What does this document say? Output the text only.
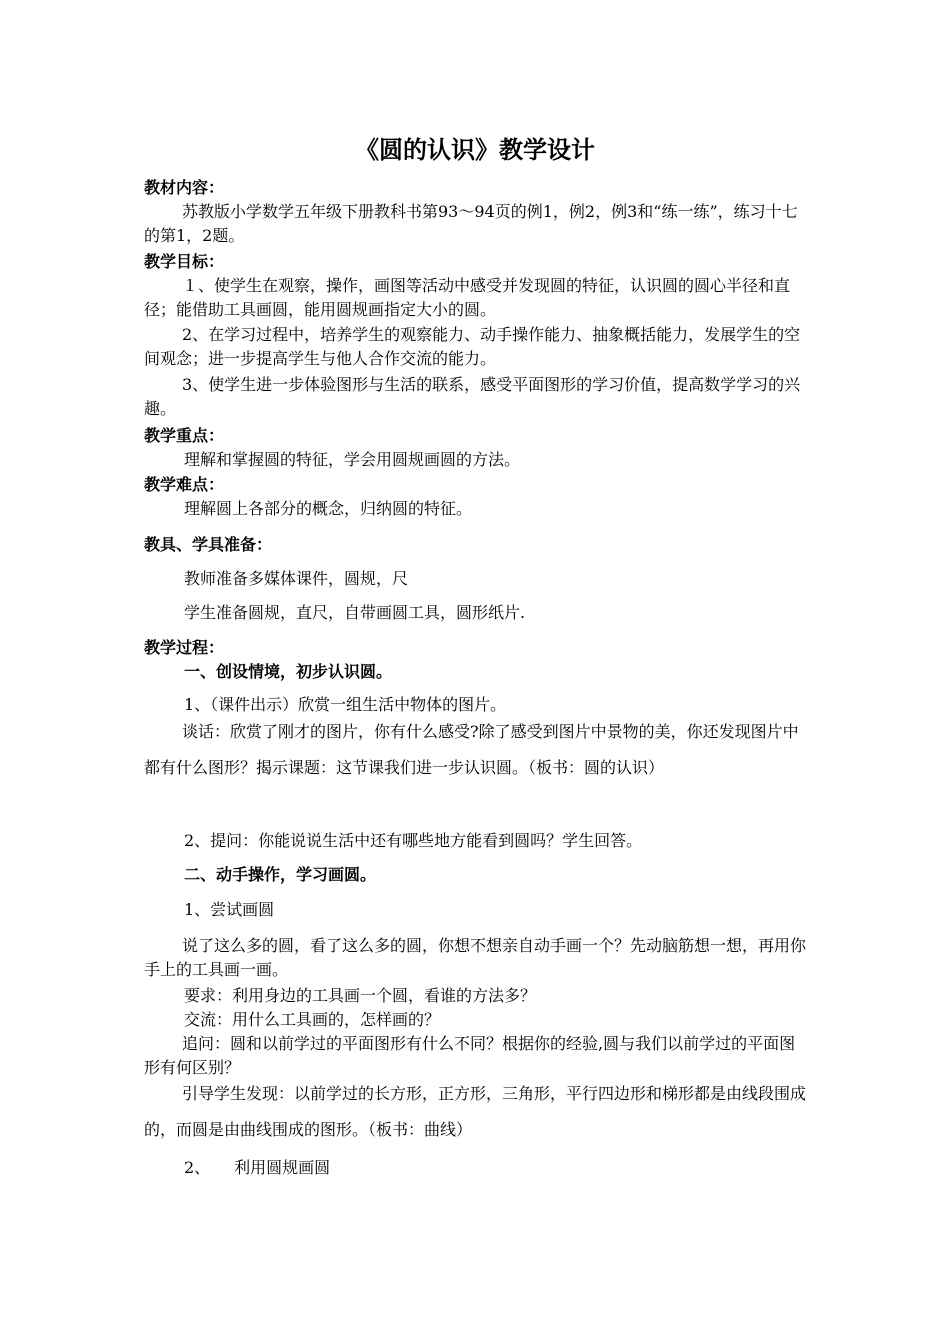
《圆的认识》教学设计
教材内容：
苏教版小学数学五年级下册教科书第93～94页的例1，例2，例3和“练一练”，练习十七的第1，2题。
教学目标：
１、使学生在观察，操作，画图等活动中感受并发现圆的特征，认识圆的圆心半径和直径；能借助工具画圆，能用圆规画指定大小的圆。
2、在学习过程中，培养学生的观察能力、动手操作能力、抽象概括能力，发展学生的空间观念；进一步提高学生与他人合作交流的能力。
3、使学生进一步体验图形与生活的联系，感受平面图形的学习价值，提高数学学习的兴趣。
教学重点：
理解和掌握圆的特征，学会用圆规画圆的方法。
教学难点：
理解圆上各部分的概念，归纳圆的特征。
教具、学具准备：
教师准备多媒体课件，圆规，尺
学生准备圆规，直尺，自带画圆工具，圆形纸片.
教学过程：
一、创设情境，初步认识圆。
1、（课件出示）欣赏一组生活中物体的图片。
谈话：欣赏了刚才的图片，你有什么感受?除了感受到图片中景物的美，你还发现图片中都有什么图形？揭示课题：这节课我们进一步认识圆。（板书：圆的认识）
2、提问：你能说说生活中还有哪些地方能看到圆吗？学生回答。
二、动手操作，学习画圆。
1、尝试画圆
说了这么多的圆，看了这么多的圆，你想不想亲自动手画一个？先动脑筋想一想，再用你手上的工具画一画。
要求：利用身边的工具画一个圆，看谁的方法多？
交流：用什么工具画的，怎样画的？
追问：圆和以前学过的平面图形有什么不同？根据你的经验,圆与我们以前学过的平面图形有何区别？
引导学生发现：以前学过的长方形，正方形，三角形，平行四边形和梯形都是由线段围成的，而圆是由曲线围成的图形。（板书：曲线）
2、　　利用圆规画圆
